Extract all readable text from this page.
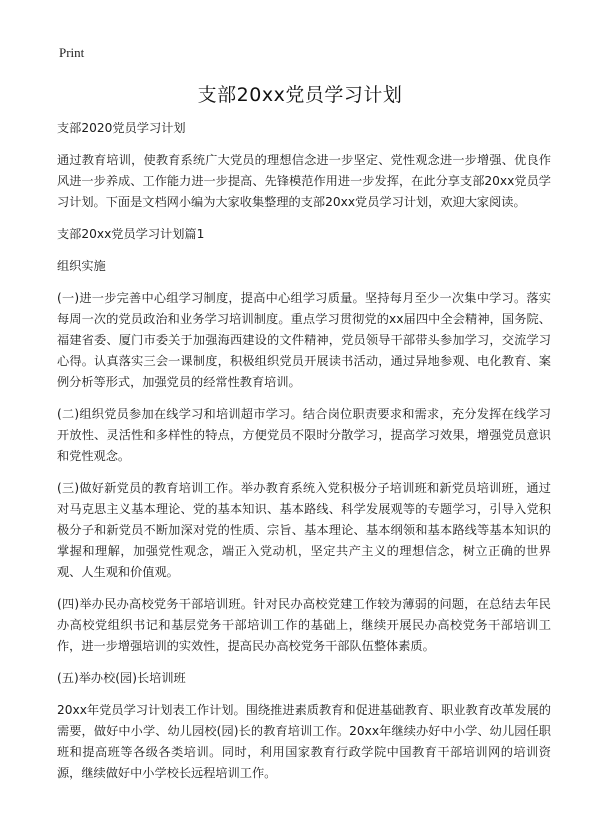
Print
支部20xx党员学习计划

支部2020党员学习计划

通过教育培训，使教育系统广大党员的理想信念进一步坚定、党性观念进一步增强、优良作风进一步养成、工作能力进一步提高、先锋模范作用进一步发挥，在此分享支部20xx党员学习计划。下面是文档网小编为大家收集整理的支部20xx党员学习计划，欢迎大家阅读。

支部20xx党员学习计划篇1

组织实施

(一)进一步完善中心组学习制度，提高中心组学习质量。坚持每月至少一次集中学习。落实每周一次的党员政治和业务学习培训制度。重点学习贯彻党的xx届四中全会精神，国务院、福建省委、厦门市委关于加强海西建设的文件精神，党员领导干部带头参加学习，交流学习心得。认真落实三会一课制度，积极组织党员开展读书活动，通过异地参观、电化教育、案例分析等形式，加强党员的经常性教育培训。

(二)组织党员参加在线学习和培训超市学习。结合岗位职责要求和需求，充分发挥在线学习开放性、灵活性和多样性的特点，方便党员不限时分散学习，提高学习效果，增强党员意识和党性观念。

(三)做好新党员的教育培训工作。举办教育系统入党积极分子培训班和新党员培训班，通过对马克思主义基本理论、党的基本知识、基本路线、科学发展观等的专题学习，引导入党积极分子和新党员不断加深对党的性质、宗旨、基本理论、基本纲领和基本路线等基本知识的掌握和理解，加强党性观念，端正入党动机，坚定共产主义的理想信念，树立正确的世界观、人生观和价值观。

(四)举办民办高校党务干部培训班。针对民办高校党建工作较为薄弱的问题，在总结去年民办高校党组织书记和基层党务干部培训工作的基础上，继续开展民办高校党务干部培训工作，进一步增强培训的实效性，提高民办高校党务干部队伍整体素质。

(五)举办校(园)长培训班

20xx年党员学习计划表工作计划。围绕推进素质教育和促进基础教育、职业教育改革发展的需要，做好中小学、幼儿园校(园)长的教育培训工作。20xx年继续办好中小学、幼儿园任职班和提高班等各级各类培训。同时，利用国家教育行政学院中国教育干部培训网的培训资源，继续做好中小学校长远程培训工作。
